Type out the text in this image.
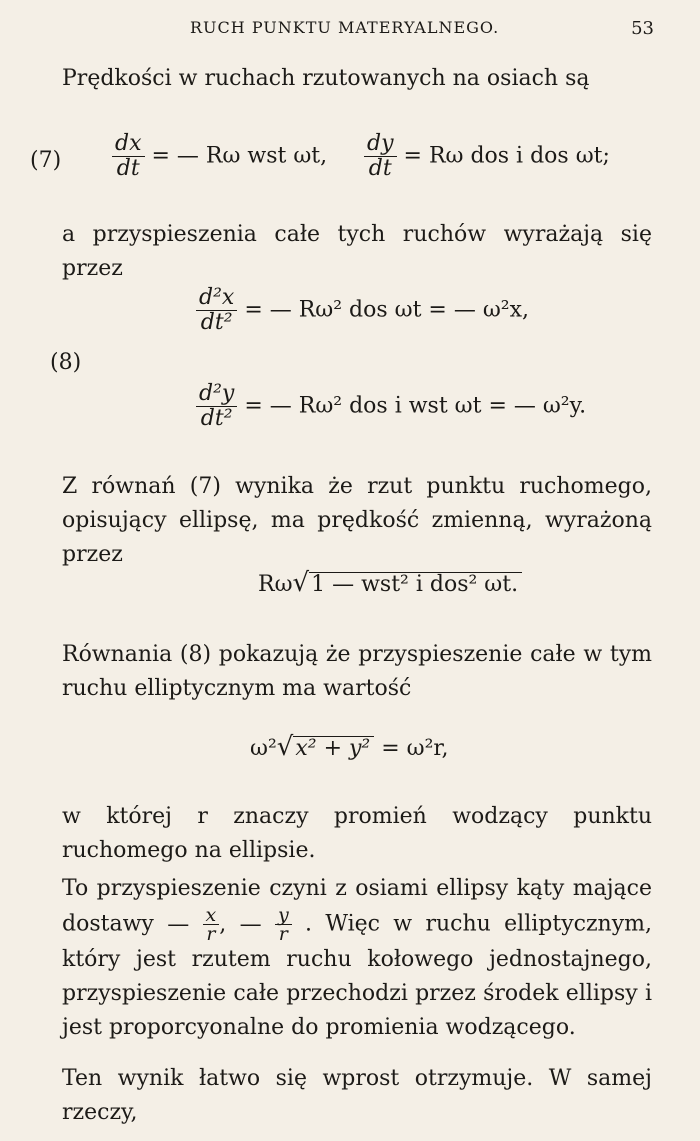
RUCH PUNKTU MATERYALNEGO.	53
Prędkości w ruchach rzutowanych na osiach są
$(7) \frac{dx}{dt}$ = — Rω wst ωt, $\frac{dy}{dt} = R\omega$ dos i dos ωt;
a przyspieszenia całe tych ruchów wyrażają się przez
(8)
$\frac{\text{d²x}}{\text{dt²}}$ = — Rω² dos ωt = — ω²x,
$\frac{\text{d²y}}{\text{dt²}}$ = — Rω² dos i wst ωt = — ω²y.
Z równań (7) wynika że rzut punktu ruchomego, opisujący ellipsę, ma prędkość zmienną, wyrażoną przez
Rω√1 — wst² i dos² ωt.
Równania (8) pokazują że przyspieszenie całe w tym ruchu elliptycznym ma wartość
ω²√x² + y² = ω²r,
w której r znaczy promień wodzący punktu ruchomego na ellipsie.
To przyspieszenie czyni z osiami ellipsy kąty mające dostawy — $\frac{x}{r}$ , — $\frac{y}{r}$ . Więc w ruchu elliptycznym, który jest rzutem ruchu kołowego jednostajnego, przyspieszenie całe przechodzi przez środek ellipsy i jest proporcyonalne do promienia wodzącego.
Ten wynik łatwo się wprost otrzymuje. W samej rzeczy,
